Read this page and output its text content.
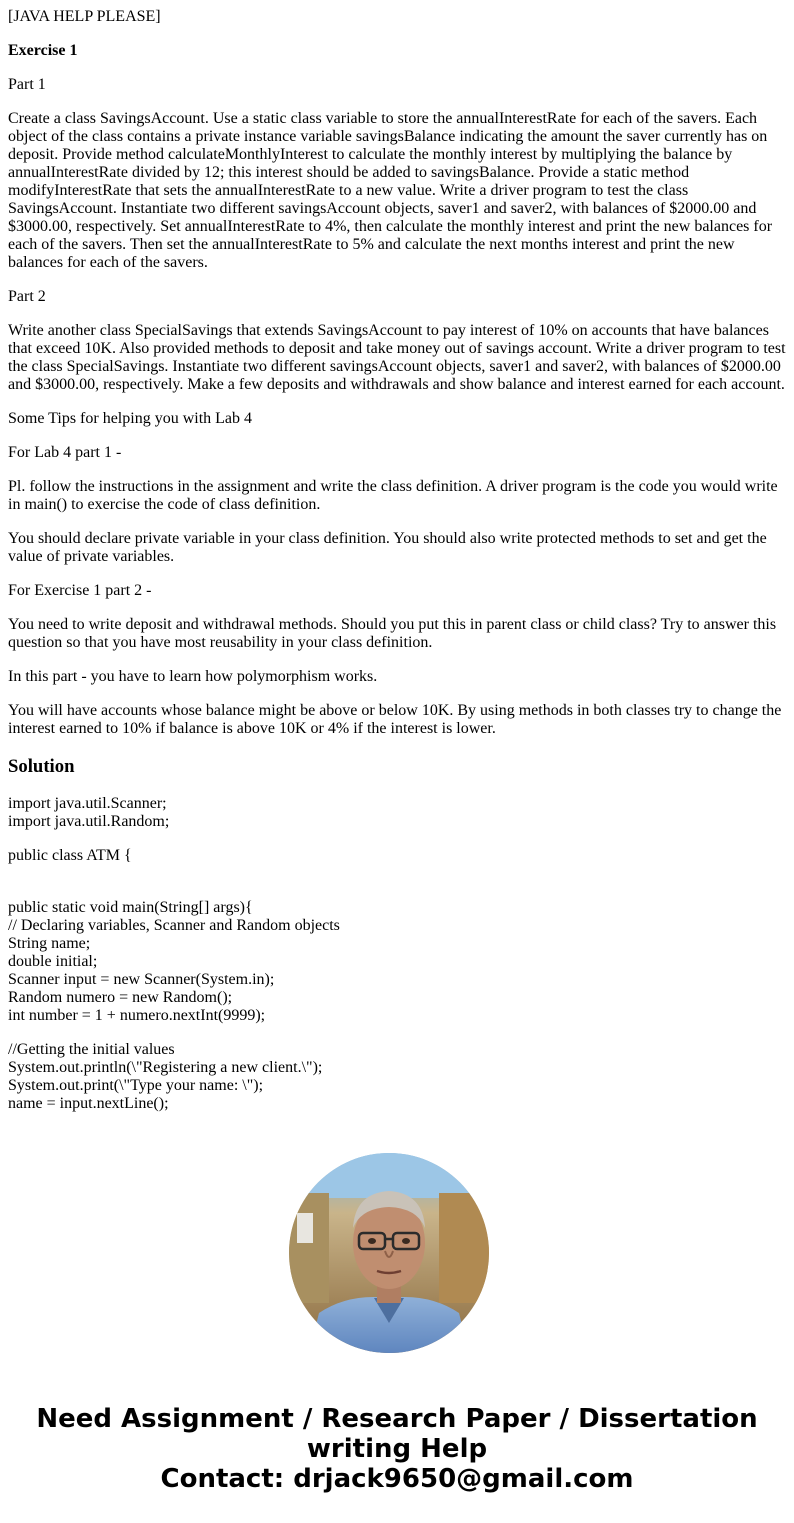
[JAVA HELP PLEASE]

Exercise 1

Part 1

Create a class SavingsAccount. Use a static class variable to store the annualInterestRate for each of the savers. Each object of the class contains a private instance variable savingsBalance indicating the amount the saver currently has on deposit. Provide method calculateMonthlyInterest to calculate the monthly interest by multiplying the balance by annualInterestRate divided by 12; this interest should be added to savingsBalance. Provide a static method modifyInterestRate that sets the annualInterestRate to a new value. Write a driver program to test the class SavingsAccount. Instantiate two different savingsAccount objects, saver1 and saver2, with balances of $2000.00 and $3000.00, respectively. Set annualInterestRate to 4%, then calculate the monthly interest and print the new balances for each of the savers. Then set the annualInterestRate to 5% and calculate the next months interest and print the new balances for each of the savers.

Part 2

Write another class SpecialSavings that extends SavingsAccount to pay interest of 10% on accounts that have balances that exceed 10K. Also provided methods to deposit and take money out of savings account. Write a driver program to test the class SpecialSavings. Instantiate two different savingsAccount objects, saver1 and saver2, with balances of $2000.00 and $3000.00, respectively. Make a few deposits and withdrawals and show balance and interest earned for each account.

Some Tips for helping you with Lab 4

For Lab 4 part 1 -

Pl. follow the instructions in the assignment and write the class definition. A driver program is the code you would write in main() to exercise the code of class definition.

You should declare private variable in your class definition. You should also write protected methods to set and get the value of private variables.

For Exercise 1 part 2 -

You need to write deposit and withdrawal methods. Should you put this in parent class or child class? Try to answer this question so that you have most reusability in your class definition.

In this part - you have to learn how polymorphism works.

You will have accounts whose balance might be above or below 10K. By using methods in both classes try to change the interest earned to 10% if balance is above 10K or 4% if the interest is lower.

Solution

import java.util.Scanner;
import java.util.Random;

public class ATM {

public static void main(String[] args){
// Declaring variables, Scanner and Random objects
String name;
double initial;
Scanner input = new Scanner(System.in);
Random numero = new Random();
int number = 1 + numero.nextInt(9999);

//Getting the initial values
System.out.println(\"Registering a new client.\");
System.out.print(\"Type your name: \");
name = input.nextLine();

Need Assignment / Research Paper / Dissertation
writing Help
Contact: drjack9650@gmail.com
